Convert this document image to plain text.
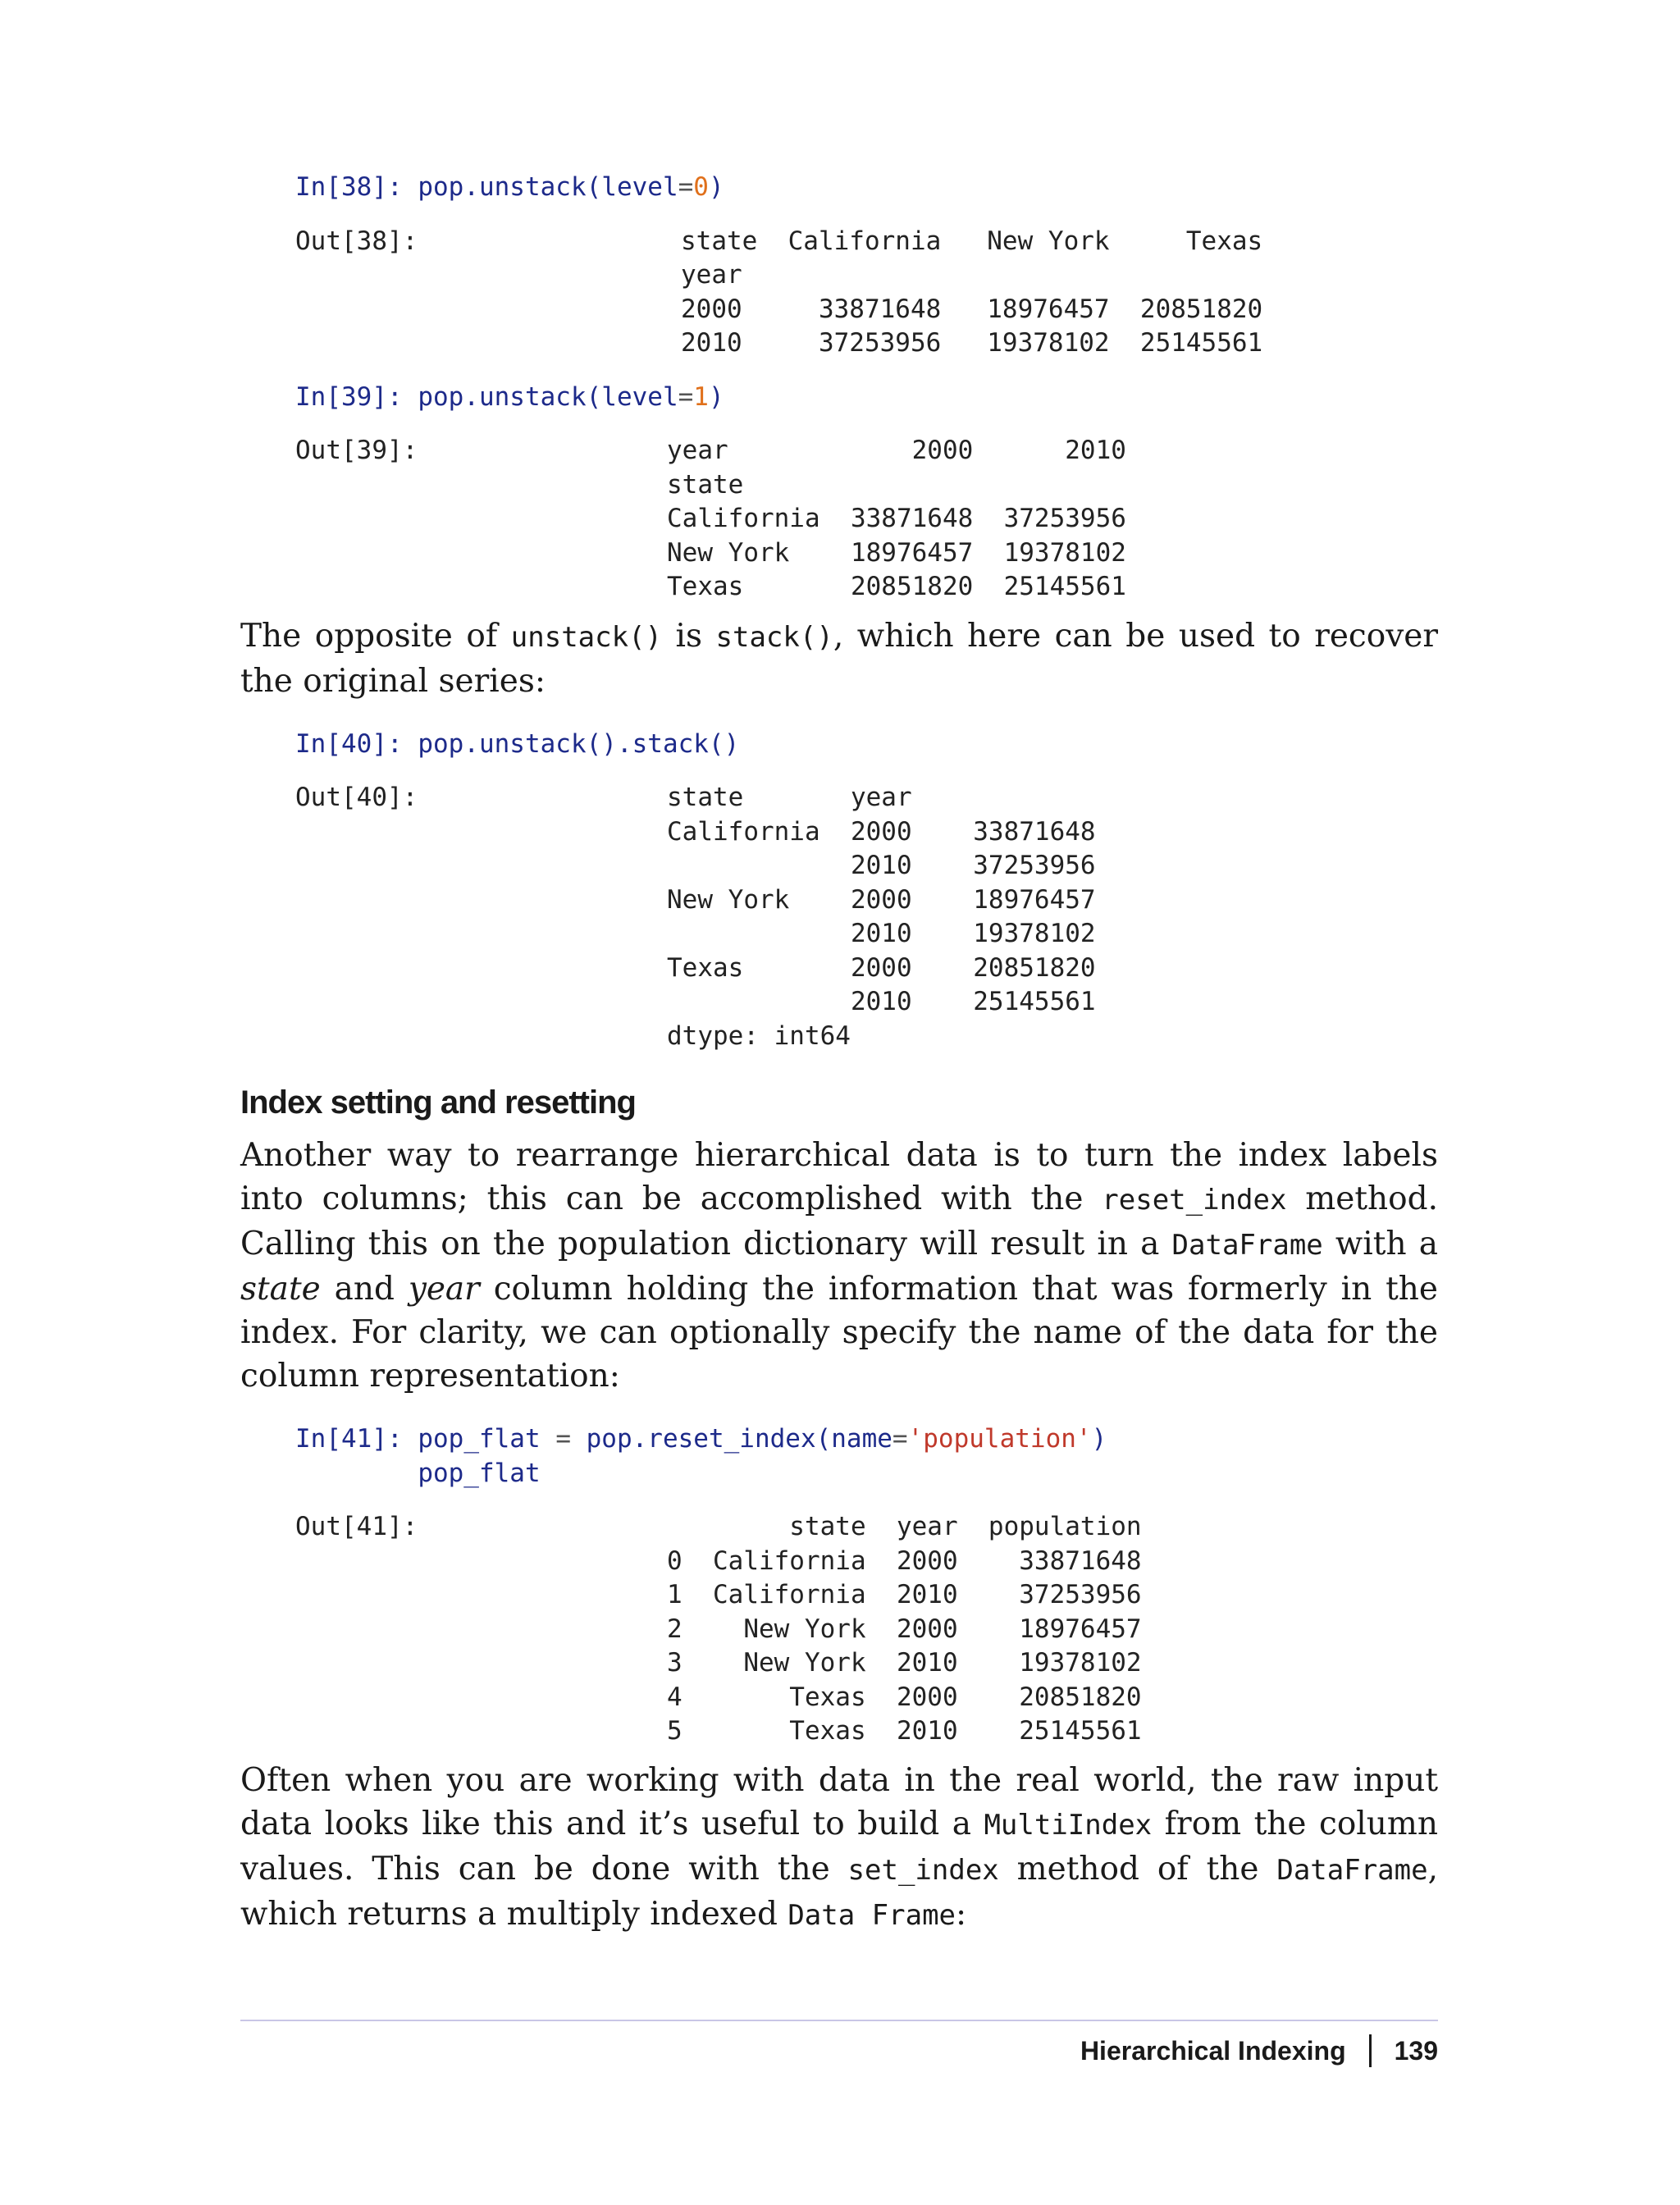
In[38]: pop.unstack(level=0)
Out[38]:	state  California   New York     Texas
year
2000     33871648   18976457  20851820
2010     37253956   19378102  25145561
In[39]: pop.unstack(level=1)
Out[39]:	year            2000      2010
state
California  33871648  37253956
New York    18976457  19378102
Texas       20851820  25145561

The opposite of unstack() is stack(), which here can be used to recover the original series:

In[40]: pop.unstack().stack()
Out[40]:	state       year
California  2000    33871648
2010    37253956
New York    2000    18976457
2010    19378102
Texas       2000    20851820
2010    25145561
dtype: int64
Index setting and resetting

Another way to rearrange hierarchical data is to turn the index labels into columns; this can be accomplished with the reset_index method. Calling this on the population dictionary will result in a DataFrame with a state and year column holding the information that was formerly in the index. For clarity, we can optionally specify the name of the data for the column representation:

In[41]: pop_flat = pop.reset_index(name='population')
pop_flat
Out[41]:	state  year  population
0  California  2000    33871648
1  California  2010    37253956
2    New York  2000    18976457
3    New York  2010    19378102
4       Texas  2000    20851820
5       Texas  2010    25145561

Often when you are working with data in the real world, the raw input data looks like this and it’s useful to build a MultiIndex from the column values. This can be done with the set_index method of the DataFrame, which returns a multiply indexed Data Frame:

Hierarchical Indexing 139
